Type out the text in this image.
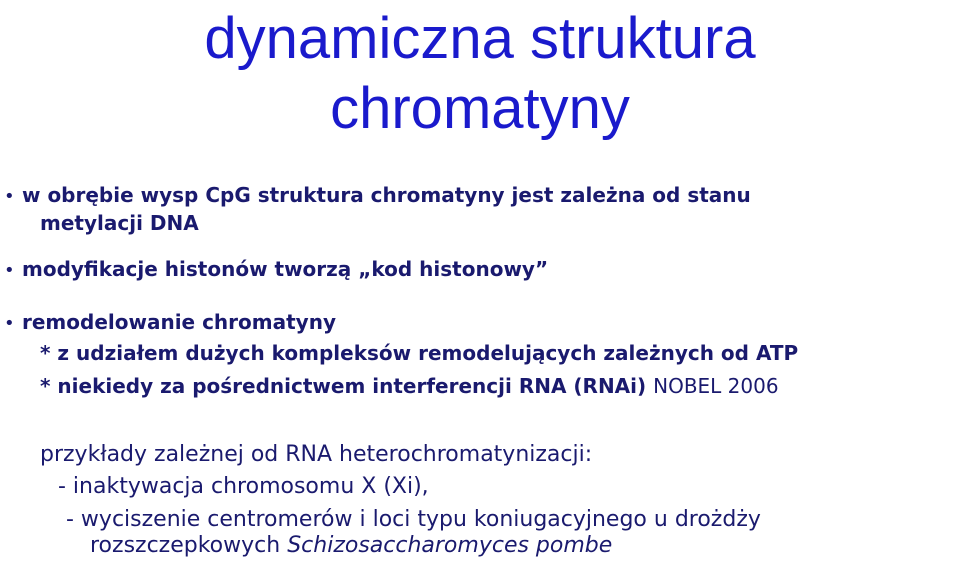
dynamiczna struktura
chromatyny
• w obrębie wysp CpG struktura chromatyny jest zależna od stanu
metylacji DNA
• modyfikacje histonów tworzą „kod histonowy”
• remodelowanie chromatyny
* z udziałem dużych kompleksów remodelujących zależnych od ATP
* niekiedy za pośrednictwem interferencji RNA (RNAi) NOBEL 2006
przykłady zależnej od RNA heterochromatynizacji:
- inaktywacja chromosomu X (Xi),
- wyciszenie centromerów i loci typu koniugacyjnego u drożdży
rozszczepkowych Schizosaccharomyces pombe
